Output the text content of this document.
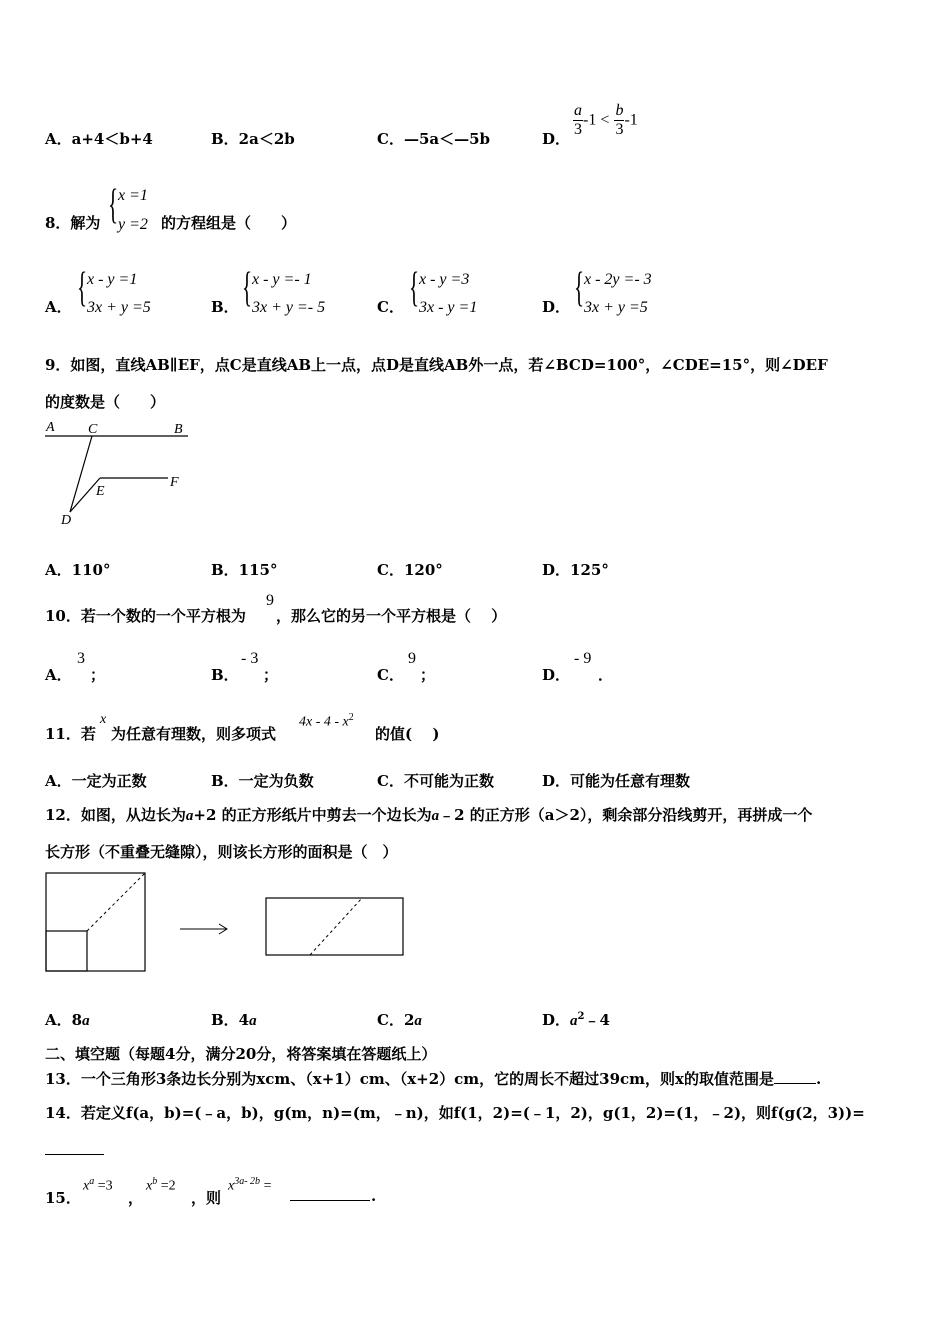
A．a+4＜b+4	B．2a＜2b	C．—5a＜—5b	D． $\frac{a}{3} -1 < \frac{b}{3} -1$
8．解为 { x =1
y =2 的方程组是（　　）
A． { x - y =1
3x + y =5	B． { x - y =- 1
3x + y =- 5	C． { x - y =3
3x - y =1	D． { x - 2y =- 3
3x + y =5
9．如图，直线AB∥EF，点C是直线AB上一点，点D是直线AB外一点，若∠BCD=100°，∠CDE=15°，则∠DEF
的度数是（　　）
A C	B
E
F
D
A．110°	B．115°	C．120°	D．125°
10．若一个数的一个平方根为
9
，那么它的另一个平方根是（　 ）
A．
3
；	B．
- 3
；	C．
9
；	D．
- 9
．
11．若
x
为任意有理数，则多项式
$4x - 4 - x^2$
的值(　 )
A．一定为正数	B．一定为负数	C．不可能为正数	D．可能为任意有理数
12．如图，从边长为a+2 的正方形纸片中剪去一个边长为a﹣2 的正方形（a＞2），剩余部分沿线剪开，再拼成一个
长方形（不重叠无缝隙），则该长方形的面积是（　）
A．8a	B．4a	C．2a	D．$a^2﹣4$
二、填空题（每题4分，满分20分，将答案填在答题纸上）
13．一个三角形3条边长分别为xcm、（x+1）cm、（x+2）cm，它的周长不超过39cm，则x的取值范围是	.
14．若定义f(a，b)=(﹣a，b)，g(m，n)=(m，﹣n)，如f(1，2)=(﹣1，2)，g(1，2)=(1，﹣2)，则f(g(2，3))=
15．
$x^a =3$
，
$x^b =2$
，则
$x^{3a- 2b}$ =
.
